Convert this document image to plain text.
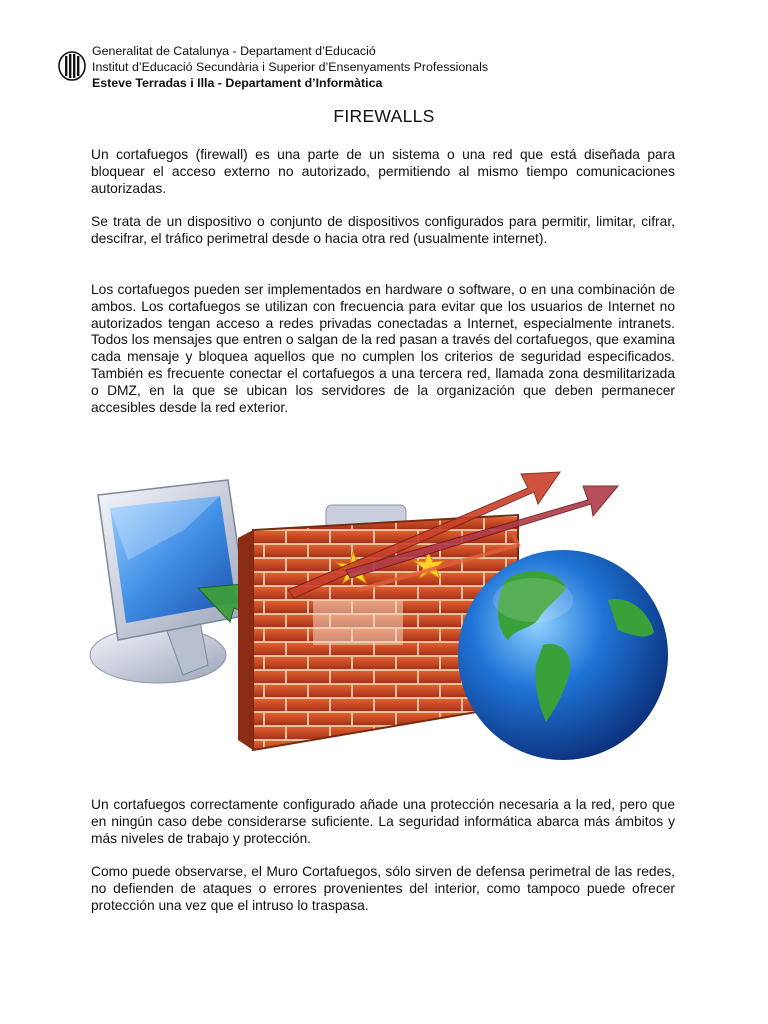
Generalitat de Catalunya - Departament d’Educació
Institut d’Educació Secundària i Superior d’Ensenyaments Professionals
Esteve Terradas i Illa - Departament d’Informàtica
FIREWALLS

Un cortafuegos (firewall) es una parte de un sistema o una red que está diseñada para bloquear el acceso externo no autorizado, permitiendo al mismo tiempo comunicaciones autorizadas.

Se trata de un dispositivo o conjunto de dispositivos configurados para permitir, limitar, cifrar, descifrar, el tráfico perimetral desde o hacia otra red (usualmente internet).

Los cortafuegos pueden ser implementados en hardware o software, o en una combinación de ambos. Los cortafuegos se utilizan con frecuencia para evitar que los usuarios de Internet no autorizados tengan acceso a redes privadas conectadas a Internet, especialmente intranets. Todos los mensajes que entren o salgan de la red pasan a través del cortafuegos, que examina cada mensaje y bloquea aquellos que no cumplen los criterios de seguridad especificados. También es frecuente conectar el cortafuegos a una tercera red, llamada zona desmilitarizada o DMZ, en la que se ubican los servidores de la organización que deben permanecer accesibles desde la red exterior.

Un cortafuegos correctamente configurado añade una protección necesaria a la red, pero que en ningún caso debe considerarse suficiente. La seguridad informática abarca más ámbitos y más niveles de trabajo y protección.

Como puede observarse, el Muro Cortafuegos, sólo sirven de defensa perimetral de las redes, no defienden de ataques o errores provenientes del interior, como tampoco puede ofrecer protección una vez que el intruso lo traspasa.
